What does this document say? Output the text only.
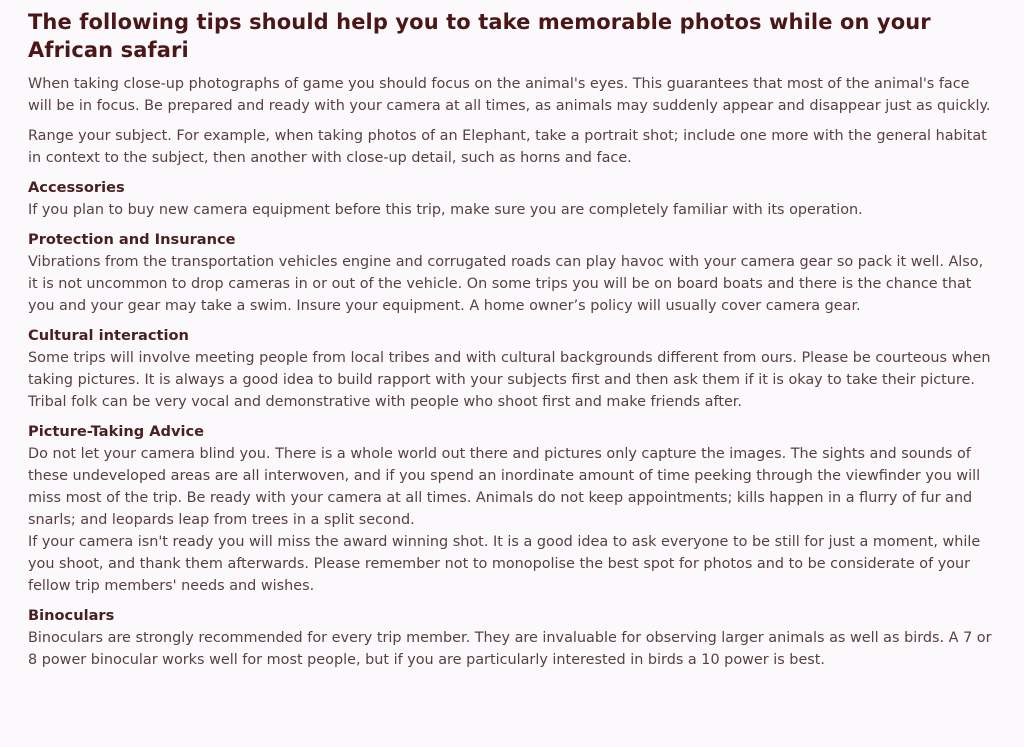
The following tips should help you to take memorable photos while on your African safari

When taking close-up photographs of game you should focus on the animal's eyes. This guarantees that most of the animal's face will be in focus. Be prepared and ready with your camera at all times, as animals may suddenly appear and disappear just as quickly.

Range your subject. For example, when taking photos of an Elephant, take a portrait shot; include one more with the general habitat in context to the subject, then another with close-up detail, such as horns and face.

Accessories

If you plan to buy new camera equipment before this trip, make sure you are completely familiar with its operation.

Protection and Insurance

Vibrations from the transportation vehicles engine and corrugated roads can play havoc with your camera gear so pack it well. Also, it is not uncommon to drop cameras in or out of the vehicle. On some trips you will be on board boats and there is the chance that you and your gear may take a swim. Insure your equipment. A home owner’s policy will usually cover camera gear.

Cultural interaction

Some trips will involve meeting people from local tribes and with cultural backgrounds different from ours. Please be courteous when taking pictures. It is always a good idea to build rapport with your subjects first and then ask them if it is okay to take their picture. Tribal folk can be very vocal and demonstrative with people who shoot first and make friends after.

Picture-Taking Advice

Do not let your camera blind you. There is a whole world out there and pictures only capture the images. The sights and sounds of these undeveloped areas are all interwoven, and if you spend an inordinate amount of time peeking through the viewfinder you will miss most of the trip. Be ready with your camera at all times. Animals do not keep appointments; kills happen in a flurry of fur and snarls; and leopards leap from trees in a split second.

If your camera isn't ready you will miss the award winning shot. It is a good idea to ask everyone to be still for just a moment, while you shoot, and thank them afterwards. Please remember not to monopolise the best spot for photos and to be considerate of your fellow trip members' needs and wishes.

Binoculars

Binoculars are strongly recommended for every trip member. They are invaluable for observing larger animals as well as birds. A 7 or 8 power binocular works well for most people, but if you are particularly interested in birds a 10 power is best.
